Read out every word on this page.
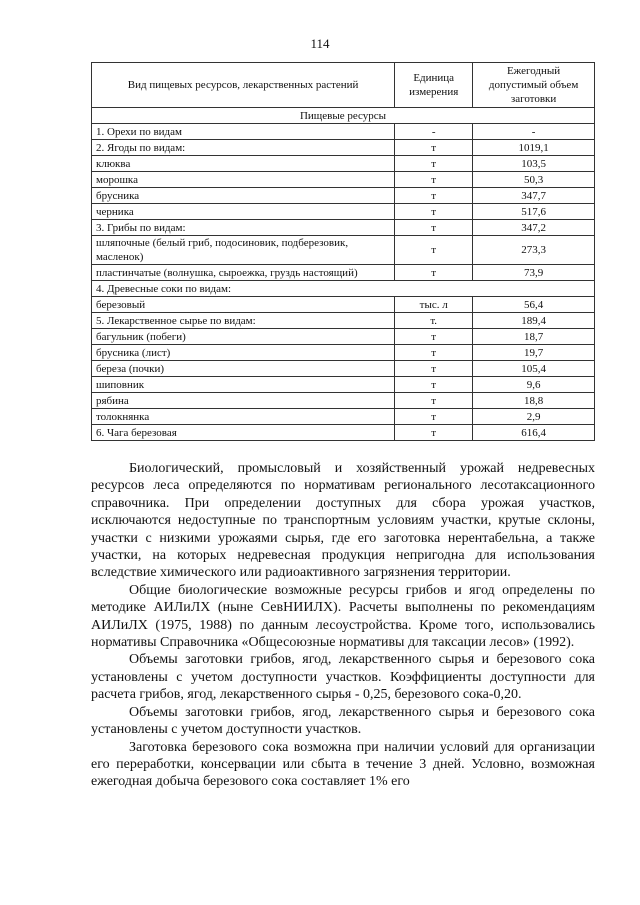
114
Вид пищевых ресурсов, лекарственных растений	Единица измерения	Ежегодный допустимый объем заготовки
Пищевые ресурсы		
1. Орехи по видам	-	-
2. Ягоды по видам:	т	1019,1
клюква	т	103,5
морошка	т	50,3
брусника	т	347,7
черника	т	517,6
3. Грибы по видам:	т	347,2
шляпочные (белый гриб, подосиновик, подберезовик, масленок)	т	273,3
пластинчатые (волнушка, сыроежка, груздь настоящий)	т	73,9
4. Древесные соки по видам:		
березовый	тыс. л	56,4
5. Лекарственное сырье по видам:	т.	189,4
багульник (побеги)	т	18,7
брусника (лист)	т	19,7
береза (почки)	т	105,4
шиповник	т	9,6
рябина	т	18,8
толокнянка	т	2,9
6. Чага березовая	т	616,4

Биологический, промысловый и хозяйственный урожай недревесных ресурсов леса определяются по нормативам регионального лесотаксационного справочника. При определении доступных для сбора урожая участков, исключаются недоступные по транспортным условиям участки, крутые склоны, участки с низкими урожаями сырья, где его заготовка нерентабельна, а также участки, на которых недревесная продукция непригодна для использования вследствие химического или радиоактивного загрязнения территории.

Общие биологические возможные ресурсы грибов и ягод определены по методике АИЛиЛХ (ныне СевНИИЛХ). Расчеты выполнены по рекомендациям АИЛиЛХ (1975, 1988) по данным лесоустройства. Кроме того, использовались нормативы Справочника «Общесоюзные нормативы для таксации лесов» (1992).

Объемы заготовки грибов, ягод, лекарственного сырья и березового сока установлены с учетом доступности участков. Коэффициенты доступности для расчета грибов, ягод, лекарственного сырья - 0,25, березового сока-0,20.

Объемы заготовки грибов, ягод, лекарственного сырья и березового сока установлены с учетом доступности участков.

Заготовка березового сока возможна при наличии условий для организации его переработки, консервации или сбыта в течение 3 дней. Условно, возможная ежегодная добыча березового сока составляет 1% его
